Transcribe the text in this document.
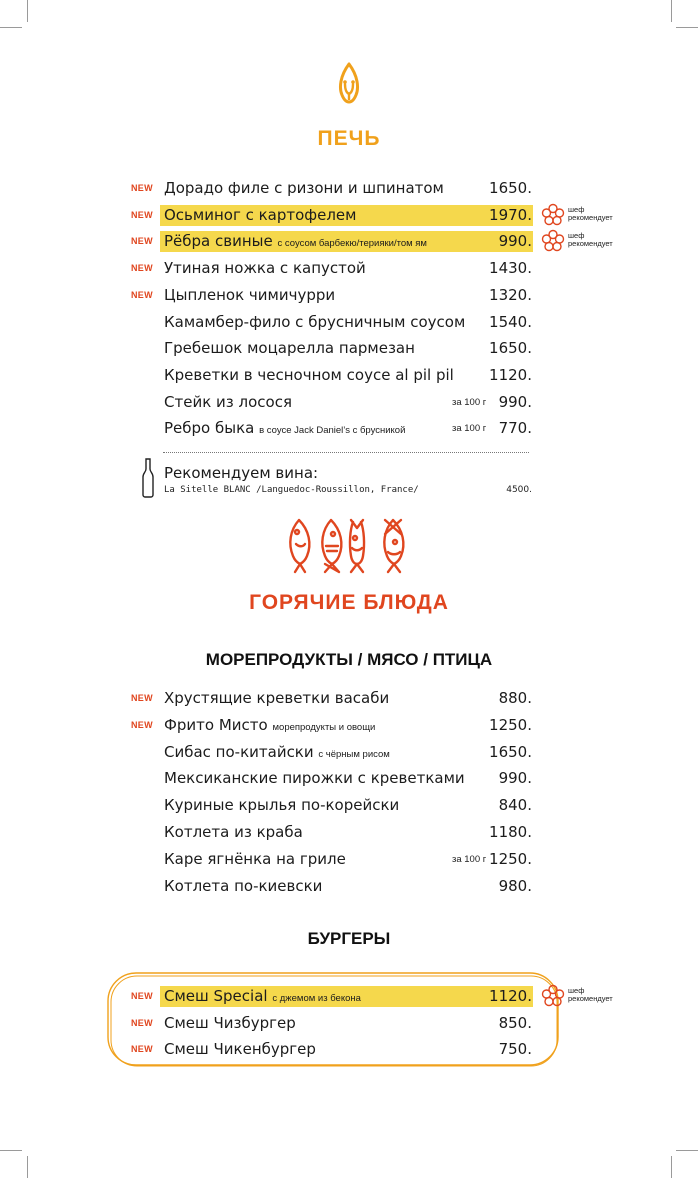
ПЕЧЬ
NEW Дорадо филе с ризони и шпинатом	1650.
NEW Осьминог с картофелем	1970.	шеф
рекомендует
NEW Рёбра свиные с соусом барбекю/терияки/том ям	990.	шеф
рекомендует
NEW Утиная ножка с капустой	1430.
NEW Цыпленок чимичурри	1320.
Камамбер-фило с брусничным соусом 1540.
Гребешок моцарелла пармезан	1650.
Креветки в чесночном соусе al pil pil 1120.
Стейк из лосося	за 100 г 990.
Ребро быка в соусе Jack Daniel’s с брусникой	за 100 г 770.
Рекомендуем вина:
La Sitelle BLANC /Languedoc-Roussillon, France/	4500.
ГОРЯЧИЕ БЛЮДА
МОРЕПРОДУКТЫ / МЯСО / ПТИЦА
NEW Хрустящие креветки васаби	880.
NEW Фрито Мисто морепродукты и овощи	1250.
Сибас по-китайски с чёрным рисом	1650.
Мексиканские пирожки с креветками 990.
Куриные крылья по-корейски	840.
Котлета из краба	1180.
Каре ягнёнка на гриле	за 100 г 1250.
Котлета по-киевски	980.
БУРГЕРЫ
NEW Смеш Special с джемом из бекона	1120.	шеф
рекомендует
NEW Смеш Чизбургер	850.
NEW Смеш Чикенбургер	750.
